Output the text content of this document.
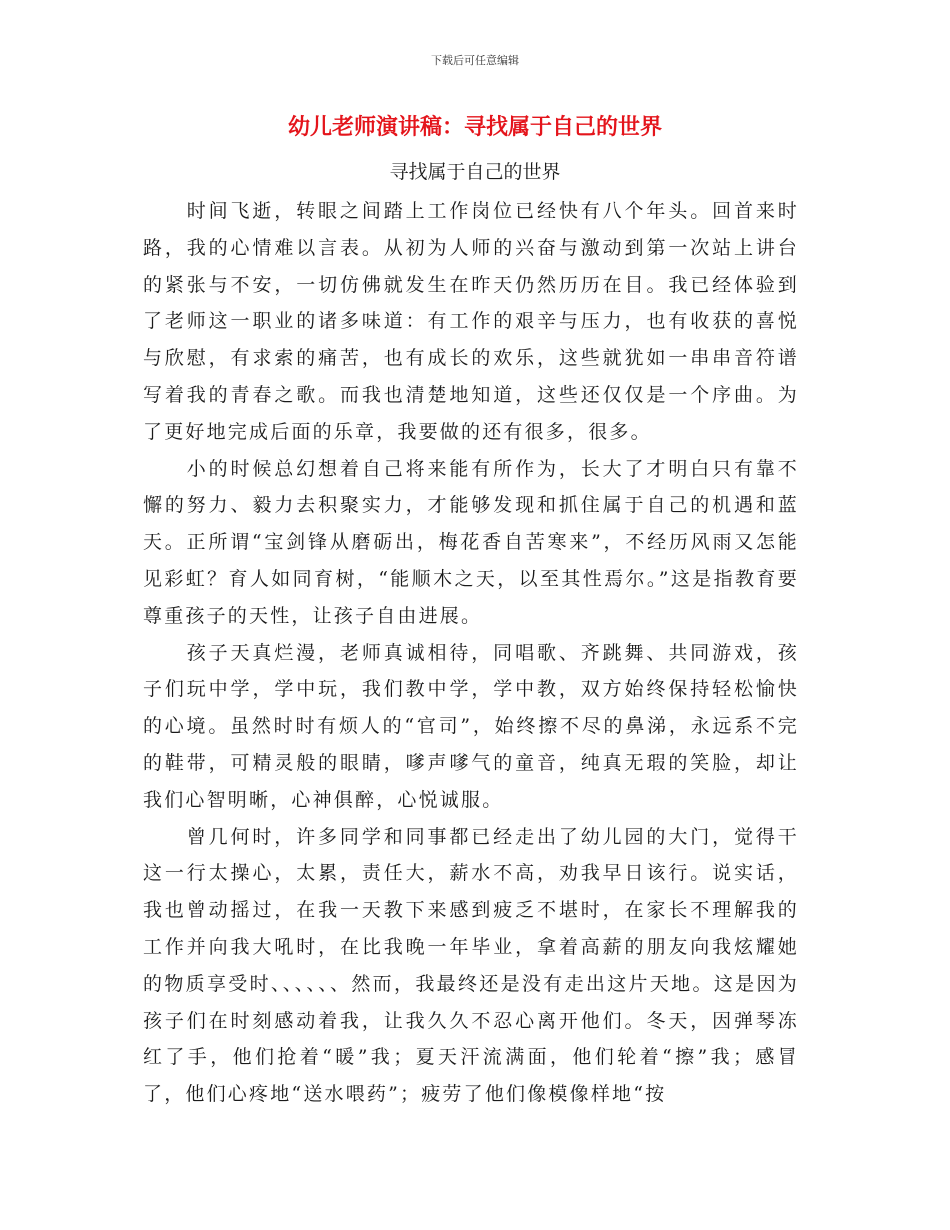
下载后可任意编辑
幼儿老师演讲稿：寻找属于自己的世界

寻找属于自己的世界

时间飞逝，转眼之间踏上工作岗位已经快有八个年头。回首来时路，我的心情难以言表。从初为人师的兴奋与激动到第一次站上讲台的紧张与不安，一切仿佛就发生在昨天仍然历历在目。我已经体验到了老师这一职业的诸多味道：有工作的艰辛与压力，也有收获的喜悦与欣慰，有求索的痛苦，也有成长的欢乐，这些就犹如一串串音符谱写着我的青春之歌。而我也清楚地知道，这些还仅仅是一个序曲。为了更好地完成后面的乐章，我要做的还有很多，很多。

小的时候总幻想着自己将来能有所作为，长大了才明白只有靠不懈的努力、毅力去积聚实力，才能够发现和抓住属于自己的机遇和蓝天。正所谓“宝剑锋从磨砺出，梅花香自苦寒来”，不经历风雨又怎能见彩虹？育人如同育树，“能顺木之天，以至其性焉尔。”这是指教育要尊重孩子的天性，让孩子自由进展。

孩子天真烂漫，老师真诚相待，同唱歌、齐跳舞、共同游戏，孩子们玩中学，学中玩，我们教中学，学中教，双方始终保持轻松愉快的心境。虽然时时有烦人的“官司”，始终擦不尽的鼻涕，永远系不完的鞋带，可精灵般的眼睛，嗲声嗲气的童音，纯真无瑕的笑脸，却让我们心智明晰，心神俱醉，心悦诚服。

曾几何时，许多同学和同事都已经走出了幼儿园的大门，觉得干这一行太操心，太累，责任大，薪水不高，劝我早日该行。说实话，我也曾动摇过，在我一天教下来感到疲乏不堪时，在家长不理解我的工作并向我大吼时，在比我晚一年毕业，拿着高薪的朋友向我炫耀她的物质享受时、、、、、、然而，我最终还是没有走出这片天地。这是因为孩子们在时刻感动着我，让我久久不忍心离开他们。冬天，因弹琴冻红了手，他们抢着“暖”我；夏天汗流满面，他们轮着“擦”我；感冒了，他们心疼地“送水喂药”；疲劳了他们像模像样地“按
